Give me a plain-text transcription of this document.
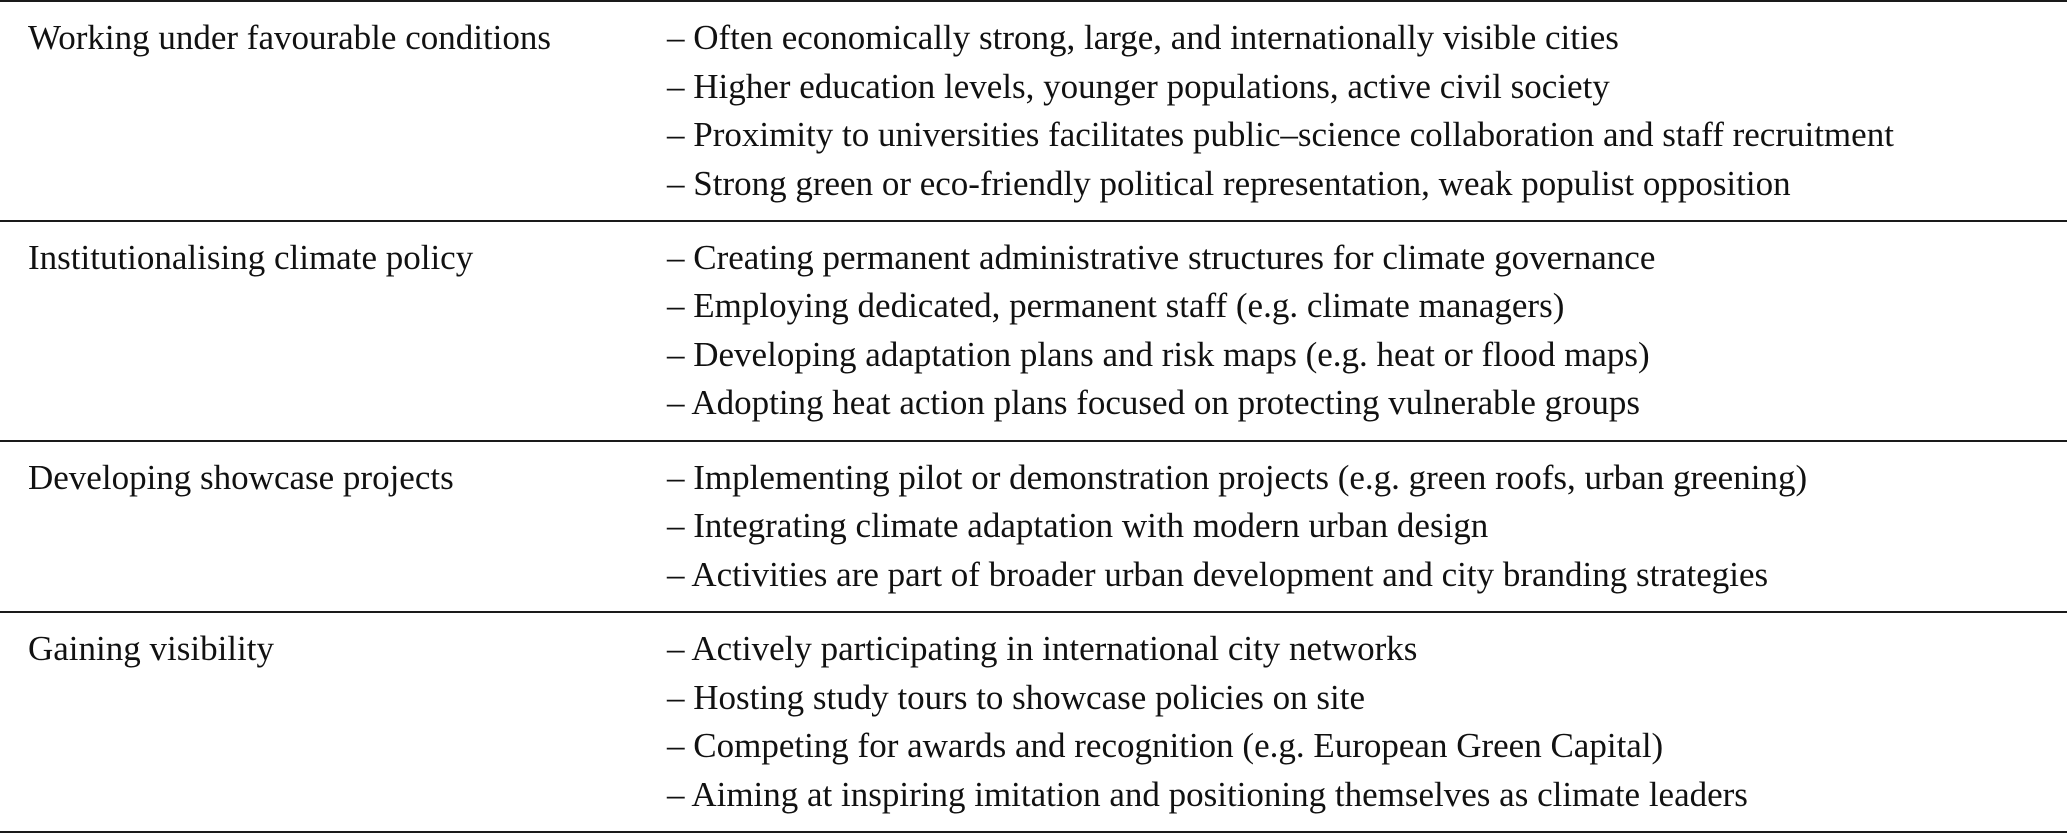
Working under favourable conditions	– Often economically strong, large, and internationally visible cities
– Higher education levels, younger populations, active civil society
– Proximity to universities facilitates public–science collaboration and staff recruitment
– Strong green or eco-friendly political representation, weak populist opposition

Institutionalising climate policy	– Creating permanent administrative structures for climate governance
– Employing dedicated, permanent staff (e.g. climate managers)
– Developing adaptation plans and risk maps (e.g. heat or flood maps)
– Adopting heat action plans focused on protecting vulnerable groups

Developing showcase projects	– Implementing pilot or demonstration projects (e.g. green roofs, urban greening)
– Integrating climate adaptation with modern urban design
– Activities are part of broader urban development and city branding strategies

Gaining visibility	– Actively participating in international city networks
– Hosting study tours to showcase policies on site
– Competing for awards and recognition (e.g. European Green Capital)
– Aiming at inspiring imitation and positioning themselves as climate leaders
